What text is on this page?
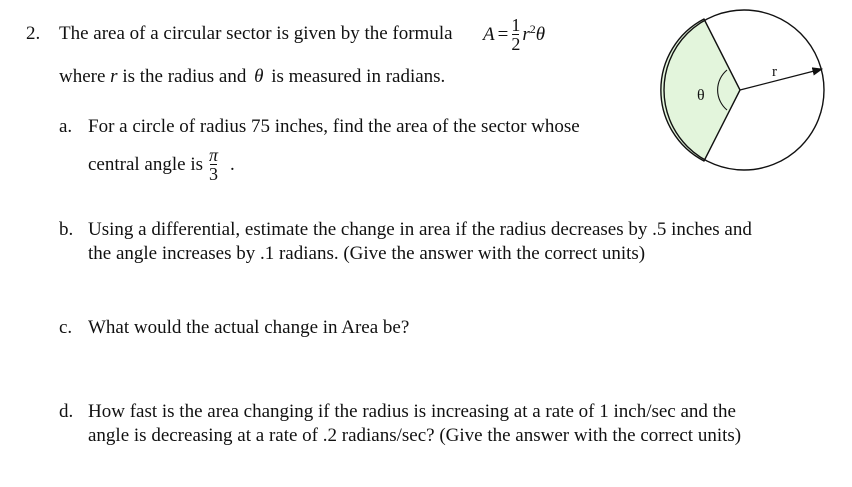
2. The area of a circular sector is given by the formula $A = \frac{1}{2} r^2$ θ
where r is the radius and θ is measured in radians.
a. For a circle of radius 75 inches, find the area of the sector whose
central angle is $\frac{\pi}{3}$ .
b. Using a differential, estimate the change in area if the radius decreases by .5 inches and
the angle increases by .1 radians. (Give the answer with the correct units)
c. What would the actual change in Area be?
d. How fast is the area changing if the radius is increasing at a rate of 1 inch/sec and the
angle is decreasing at a rate of .2 radians/sec? (Give the answer with the correct units)
θ
r
